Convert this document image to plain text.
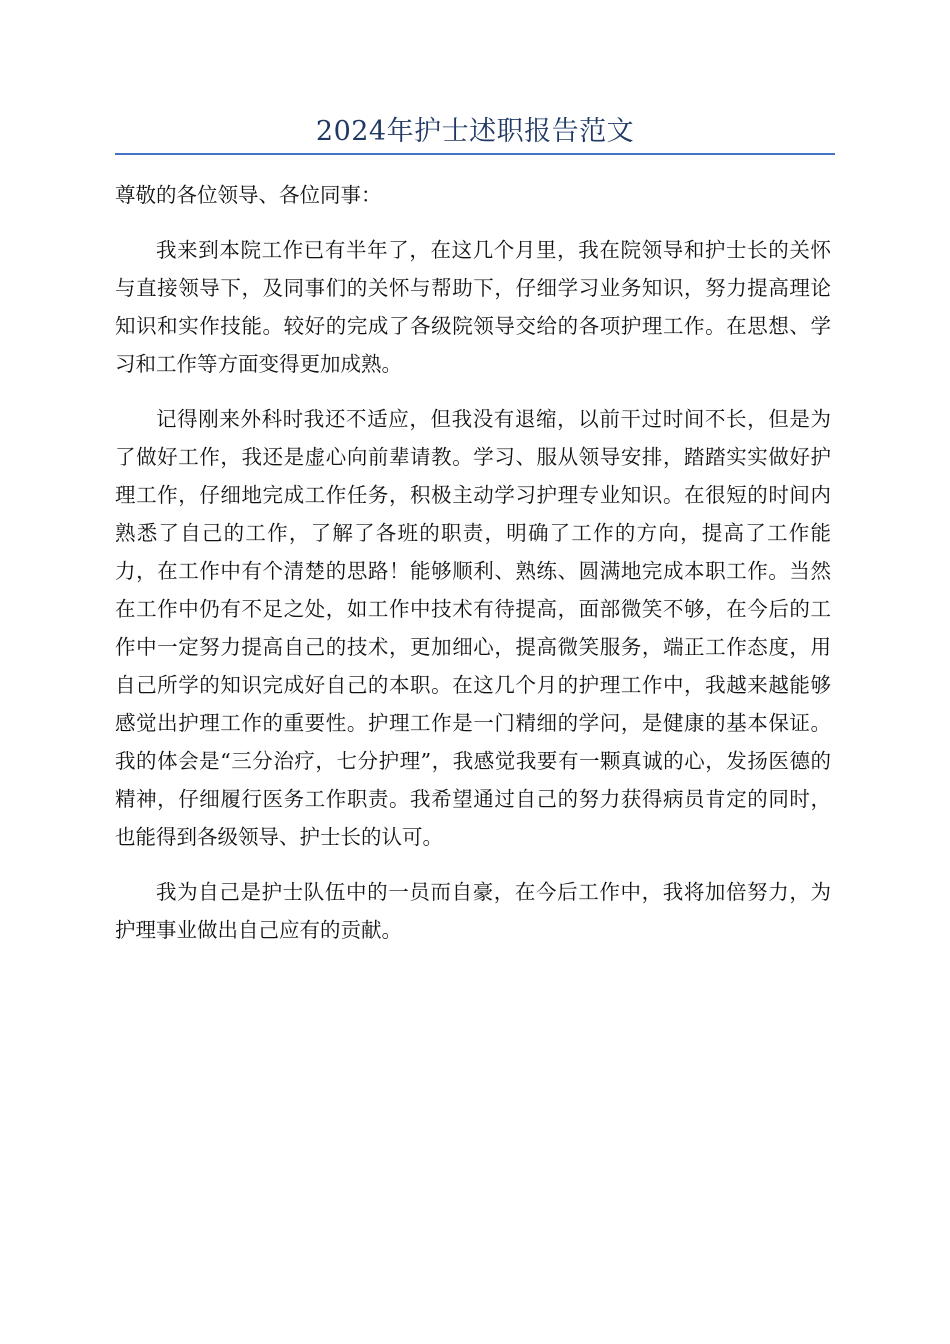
2024年护士述职报告范文

尊敬的各位领导、各位同事：

我来到本院工作已有半年了，在这几个月里，我在院领导和护士长的关怀与直接领导下，及同事们的关怀与帮助下，仔细学习业务知识，努力提高理论知识和实作技能。较好的完成了各级院领导交给的各项护理工作。在思想、学习和工作等方面变得更加成熟。

记得刚来外科时我还不适应，但我没有退缩，以前干过时间不长，但是为了做好工作，我还是虚心向前辈请教。学习、服从领导安排，踏踏实实做好护理工作，仔细地完成工作任务，积极主动学习护理专业知识。在很短的时间内熟悉了自己的工作，了解了各班的职责，明确了工作的方向，提高了工作能力，在工作中有个清楚的思路！能够顺利、熟练、圆满地完成本职工作。当然在工作中仍有不足之处，如工作中技术有待提高，面部微笑不够，在今后的工作中一定努力提高自己的技术，更加细心，提高微笑服务，端正工作态度，用自己所学的知识完成好自己的本职。在这几个月的护理工作中，我越来越能够感觉出护理工作的重要性。护理工作是一门精细的学问，是健康的基本保证。我的体会是“三分治疗，七分护理”，我感觉我要有一颗真诚的心，发扬医德的精神，仔细履行医务工作职责。我希望通过自己的努力获得病员肯定的同时，也能得到各级领导、护士长的认可。

我为自己是护士队伍中的一员而自豪，在今后工作中，我将加倍努力，为护理事业做出自己应有的贡献。
